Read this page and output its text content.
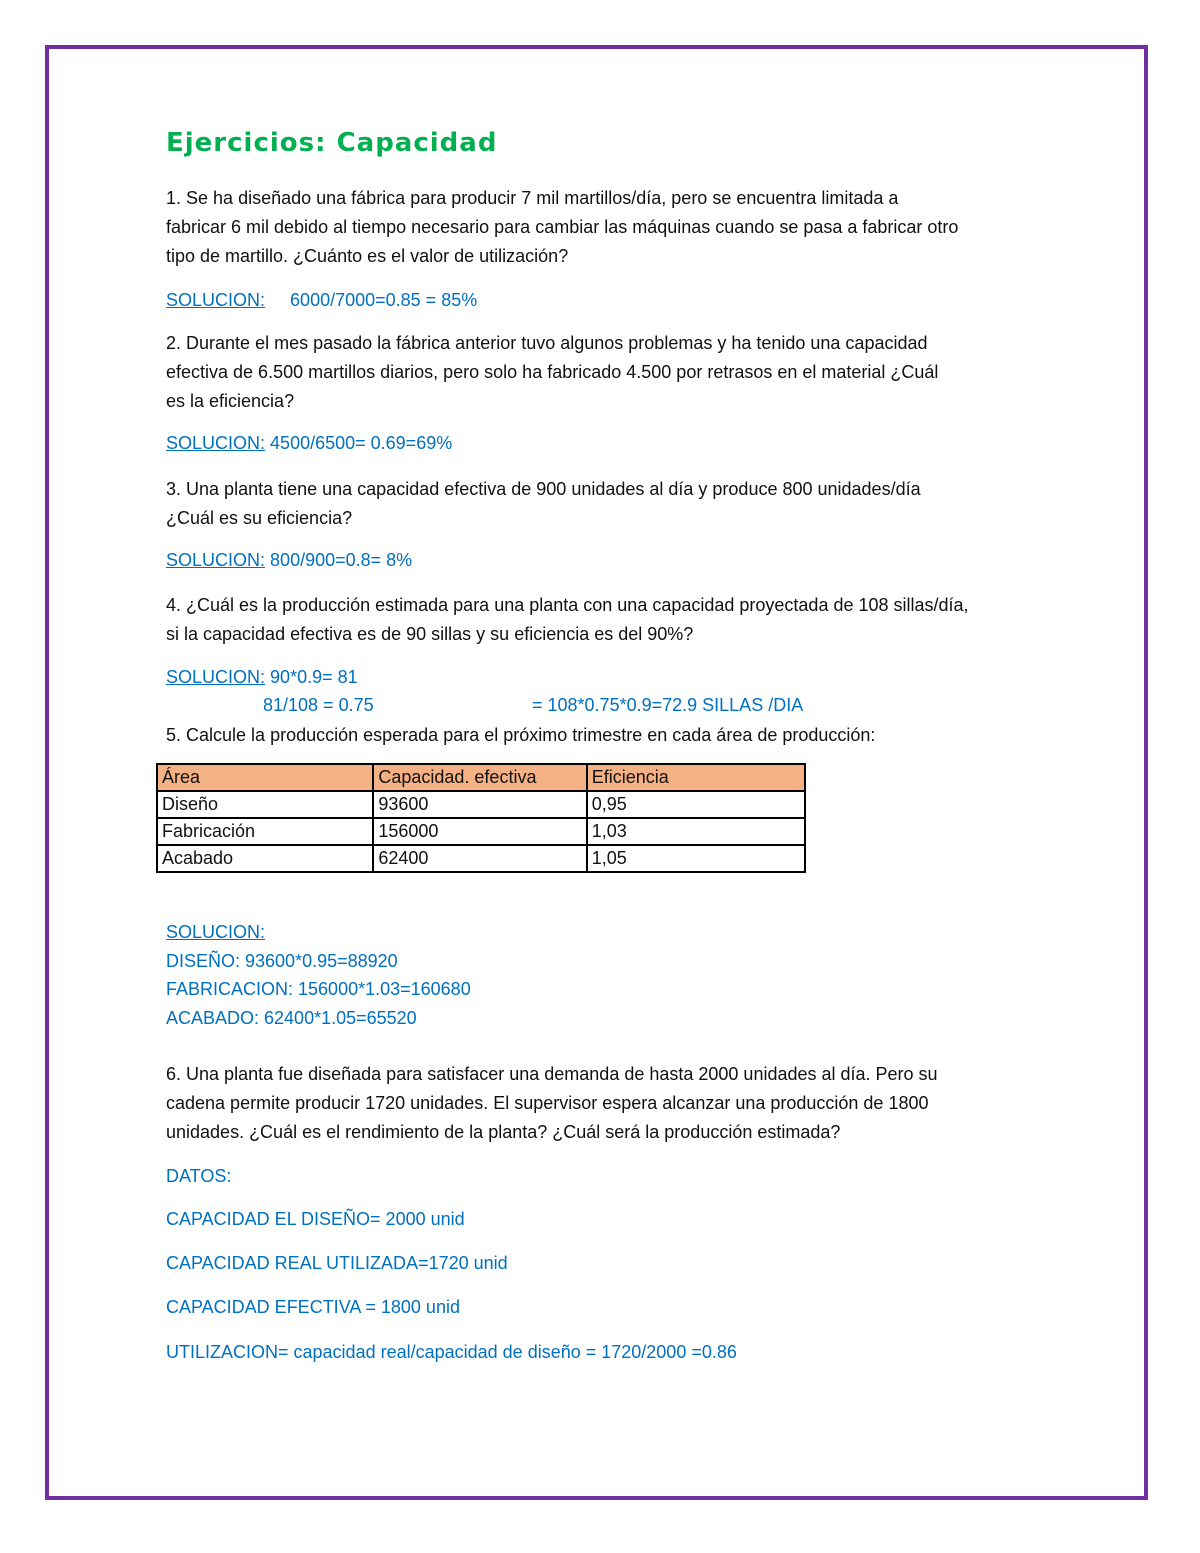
Ejercicios: Capacidad

1. Se ha diseñado una fábrica para producir 7 mil martillos/día, pero se encuentra limitada a
fabricar 6 mil debido al tiempo necesario para cambiar las máquinas cuando se pasa a fabricar otro
tipo de martillo. ¿Cuánto es el valor de utilización?

SOLUCION: 6000/7000=0.85 = 85%

2. Durante el mes pasado la fábrica anterior tuvo algunos problemas y ha tenido una capacidad
efectiva de 6.500 martillos diarios, pero solo ha fabricado 4.500 por retrasos en el material ¿Cuál
es la eficiencia?

SOLUCION: 4500/6500= 0.69=69%

3. Una planta tiene una capacidad efectiva de 900 unidades al día y produce 800 unidades/día
¿Cuál es su eficiencia?

SOLUCION: 800/900=0.8= 8%

4. ¿Cuál es la producción estimada para una planta con una capacidad proyectada de 108 sillas/día,
si la capacidad efectiva es de 90 sillas y su eficiencia es del 90%?

SOLUCION: 90*0.9= 81

81/108 = 0.75	= 108*0.75*0.9=72.9 SILLAS /DIA

5. Calcule la producción esperada para el próximo trimestre en cada área de producción:

Área	Capacidad. efectiva	Eficiencia
Diseño	93600	0,95
Fabricación	156000	1,03
Acabado	62400	1,05

SOLUCION:

DISEÑO: 93600*0.95=88920

FABRICACION: 156000*1.03=160680

ACABADO: 62400*1.05=65520

6. Una planta fue diseñada para satisfacer una demanda de hasta 2000 unidades al día. Pero su
cadena permite producir 1720 unidades. El supervisor espera alcanzar una producción de 1800
unidades. ¿Cuál es el rendimiento de la planta? ¿Cuál será la producción estimada?

DATOS:

CAPACIDAD EL DISEÑO= 2000 unid

CAPACIDAD REAL UTILIZADA=1720 unid

CAPACIDAD EFECTIVA = 1800 unid

UTILIZACION= capacidad real/capacidad de diseño = 1720/2000 =0.86
